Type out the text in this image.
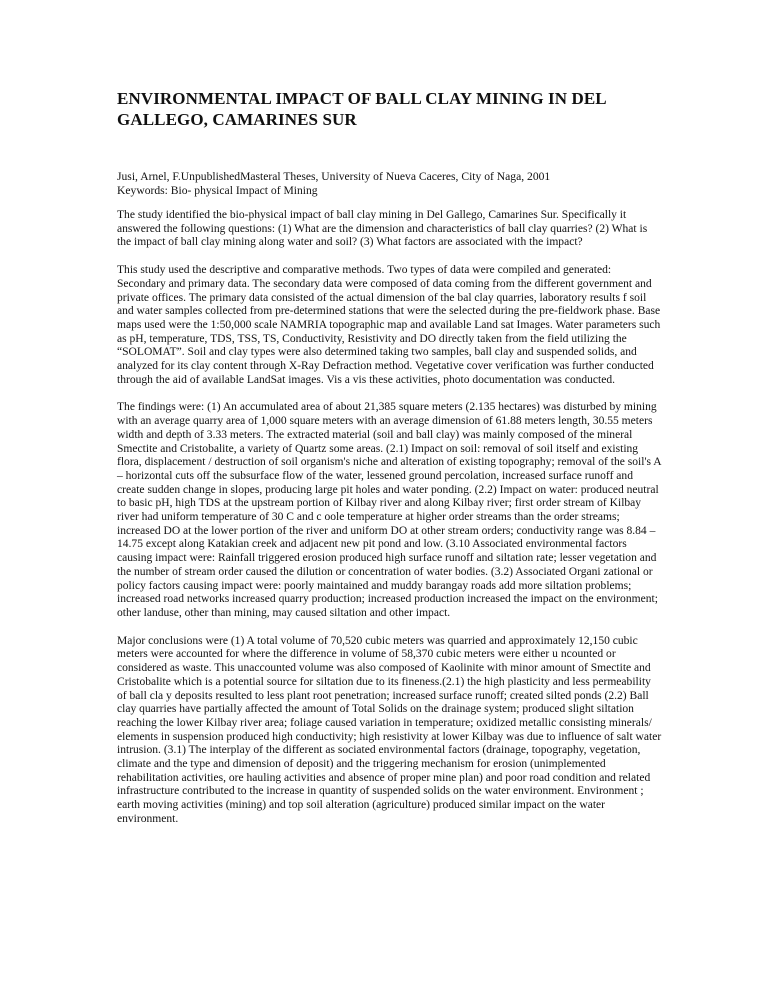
ENVIRONMENTAL IMPACT OF BALL CLAY MINING IN DEL GALLEGO, CAMARINES SUR
Jusi, Arnel, F.UnpublishedMasteral Theses, University of Nueva Caceres, City of Naga, 2001
Keywords: Bio- physical Impact of Mining

The study identified the bio-physical impact of ball clay mining in Del Gallego, Camarines Sur. Specifically it answered the following questions: (1) What are the dimension and characteristics of ball clay quarries? (2) What is the impact of ball clay mining along water and soil? (3) What factors are associated with the impact?

This study used the descriptive and comparative methods. Two types of data were compiled and generated: Secondary and primary data. The secondary data were composed of data coming from the different government and private offices. The primary data consisted of the actual dimension of the bal clay quarries, laboratory results f soil and water samples collected from pre-determined stations that were the selected during the pre-fieldwork phase. Base maps used were the 1:50,000 scale NAMRIA topographic map and available Land sat Images. Water parameters such as pH, temperature, TDS, TSS, TS, Conductivity, Resistivity and DO directly taken from the field utilizing the “SOLOMAT”. Soil and clay types were also determined taking two samples, ball clay and suspended solids, and analyzed for its clay content through X-Ray Defraction method. Vegetative cover verification was further conducted through the aid of available LandSat images. Vis a vis these activities, photo documentation was conducted.

The findings were: (1) An accumulated area of about 21,385 square meters (2.135 hectares) was disturbed by mining with an average quarry area of 1,000 square meters with an average dimension of 61.88 meters length, 30.55 meters width and depth of 3.33 meters. The extracted material (soil and ball clay) was mainly composed of the mineral Smectite and Cristobalite, a variety of Quartz some areas. (2.1) Impact on soil: removal of soil itself and existing flora, displacement / destruction of soil organism's niche and alteration of existing topography; removal of the soil's A – horizontal cuts off the subsurface flow of the water, lessened ground percolation, increased surface runoff and create sudden change in slopes, producing large pit holes and water ponding. (2.2) Impact on water: produced neutral to basic pH, high TDS at the upstream portion of Kilbay river and along Kilbay river; first order stream of Kilbay river had uniform temperature of 30 C and c oole temperature at higher order streams than the order streams; increased DO at the lower portion of the river and uniform DO at other stream orders; conductivity range was 8.84 – 14.75 except along Katakian creek and adjacent new pit pond and low. (3.10 Associated environmental factors causing impact were: Rainfall triggered erosion produced high surface runoff and siltation rate; lesser vegetation and the number of stream order caused the dilution or concentration of water bodies. (3.2) Associated Organi zational or policy factors causing impact were: poorly maintained and muddy barangay roads add more siltation problems; increased road networks increased quarry production; increased production increased the impact on the environment; other landuse, other than mining, may caused siltation and other impact.

Major conclusions were (1) A total volume of 70,520 cubic meters was quarried and approximately 12,150 cubic meters were accounted for where the difference in volume of 58,370 cubic meters were either u ncounted or considered as waste. This unaccounted volume was also composed of Kaolinite with minor amount of Smectite and Cristobalite which is a potential source for siltation due to its fineness.(2.1) the high plasticity and less permeability of ball cla y deposits resulted to less plant root penetration; increased surface runoff; created silted ponds (2.2) Ball clay quarries have partially affected the amount of Total Solids on the drainage system; produced slight siltation reaching the lower Kilbay river area; foliage caused variation in temperature; oxidized metallic consisting minerals/ elements in suspension produced high conductivity; high resistivity at lower Kilbay was due to influence of salt water intrusion. (3.1) The interplay of the different as sociated environmental factors (drainage, topography, vegetation, climate and the type and dimension of deposit) and the triggering mechanism for erosion (unimplemented rehabilitation activities, ore hauling activities and absence of proper mine plan) and poor road condition and related infrastructure contributed to the increase in quantity of suspended solids on the water environment. Environment ; earth moving activities (mining) and top soil alteration (agriculture) produced similar impact on the water environment.
